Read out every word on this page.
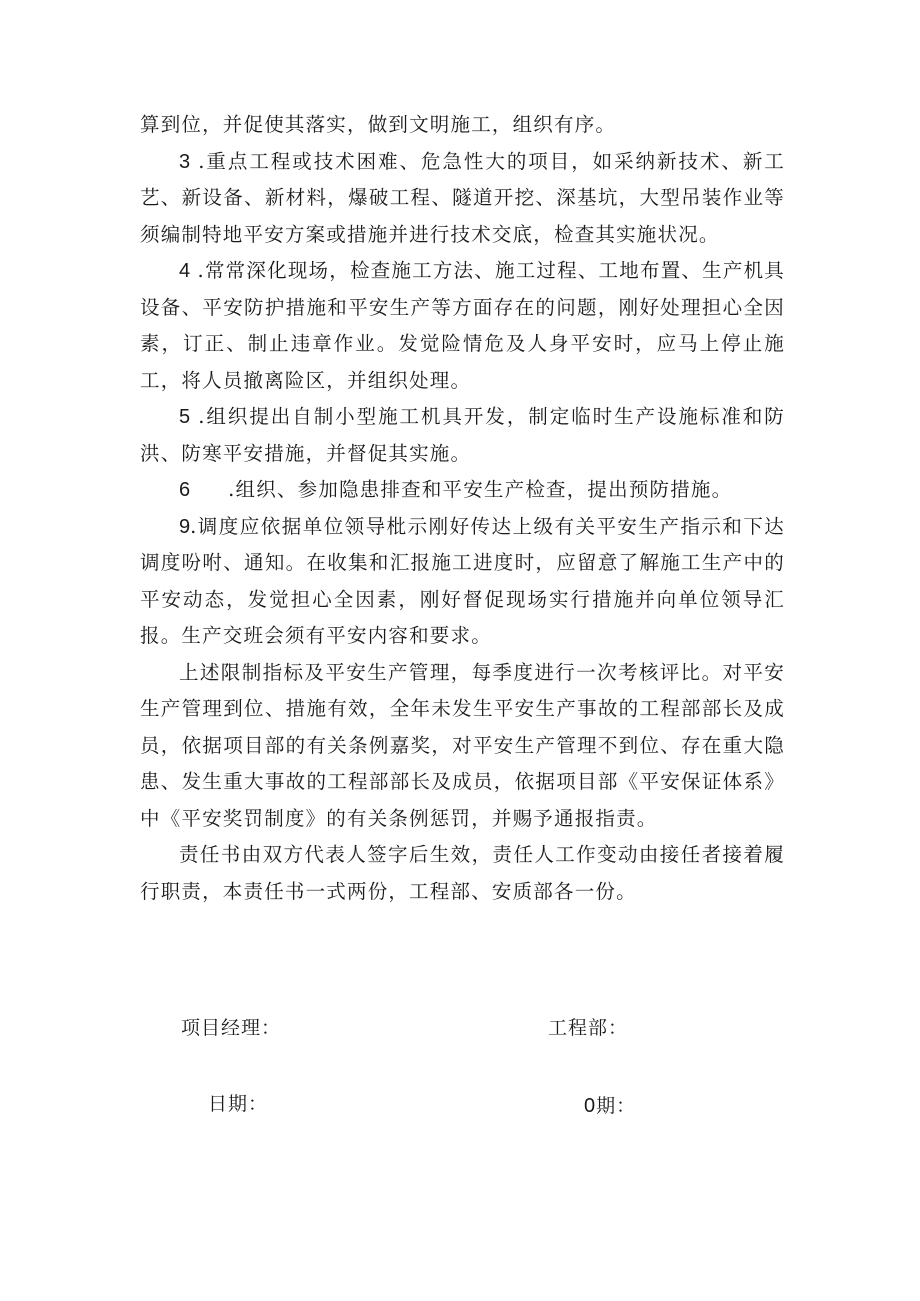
算到位，并促使其落实，做到文明施工，组织有序。

3 .重点工程或技术困难、危急性大的项目，如采纳新技术、新工艺、新设备、新材料，爆破工程、隧道开挖、深基坑，大型吊装作业等须编制特地平安方案或措施并进行技术交底，检查其实施状况。

4 .常常深化现场，检查施工方法、施工过程、工地布置、生产机具设备、平安防护措施和平安生产等方面存在的问题，刚好处理担心全因素，订正、制止违章作业。发觉险情危及人身平安时，应马上停止施工，将人员撤离险区，并组织处理。

5 .组织提出自制小型施工机具开发，制定临时生产设施标准和防洪、防寒平安措施，并督促其实施。

6 .组织、参加隐患排查和平安生产检查，提出预防措施。

9.调度应依据单位领导枇示刚好传达上级有关平安生产指示和下达调度吩咐、通知。在收集和汇报施工进度时，应留意了解施工生产中的平安动态，发觉担心全因素，刚好督促现场实行措施并向单位领导汇报。生产交班会须有平安内容和要求。

上述限制指标及平安生产管理，每季度进行一次考核评比。对平安生产管理到位、措施有效，全年未发生平安生产事故的工程部部长及成员，依据项目部的有关条例嘉奖，对平安生产管理不到位、存在重大隐患、发生重大事故的工程部部长及成员，依据项目部《平安保证体系》中《平安奖罚制度》的有关条例惩罚，并赐予通报指责。

责任书由双方代表人签字后生效，责任人工作变动由接任者接着履行职责，本责任书一式两份，工程部、安质部各一份。

项目经理：	工程部：
日期：	0期：
